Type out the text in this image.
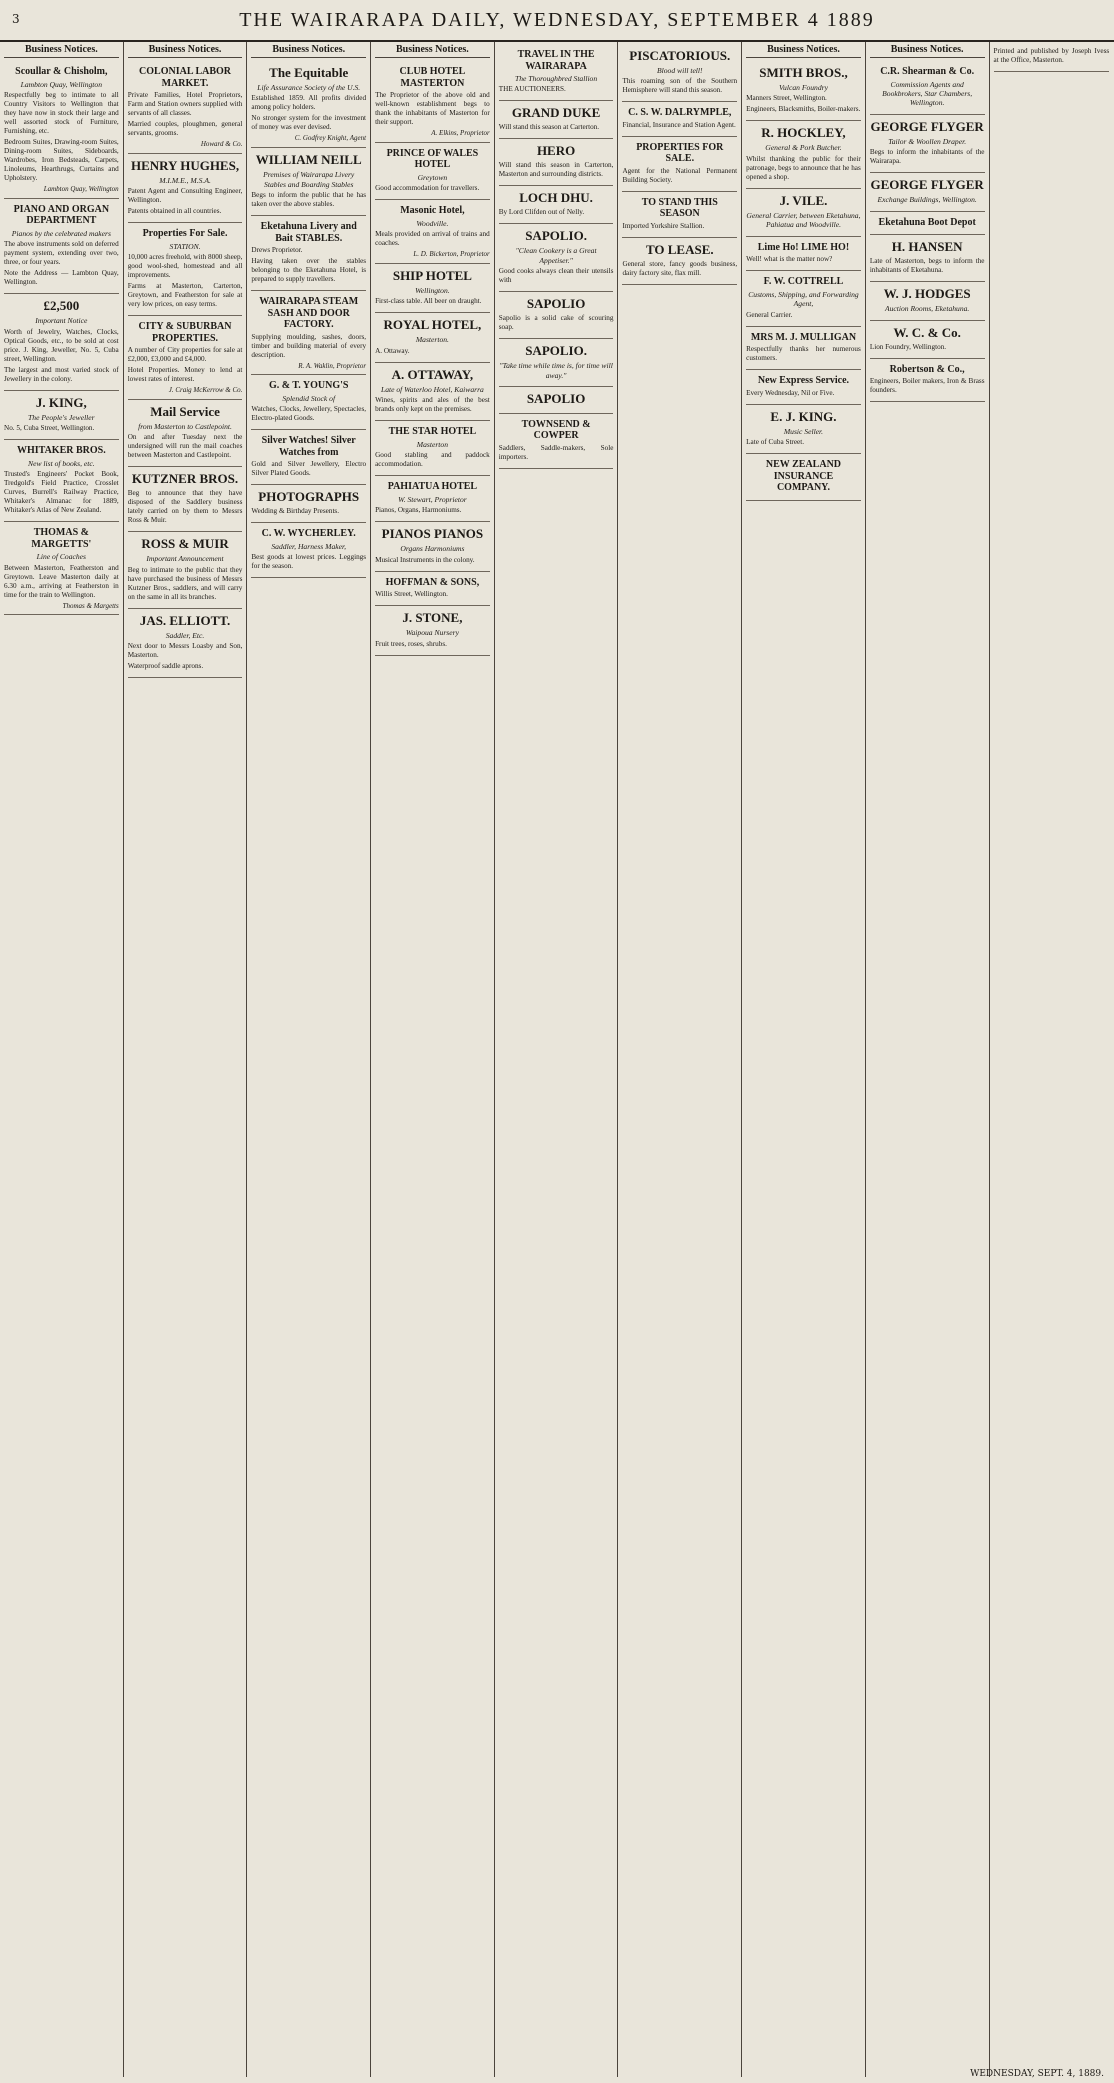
3	THE WAIRARAPA DAILY, WEDNESDAY, SEPTEMBER 4 1889
Business Notices.
Scoullar & Chisholm,
Lambton Quay, Wellington

Respectfully beg to intimate to all Country Visitors to Wellington that they have now in stock their large and well assorted stock of Furniture, Furnishing, etc.

Bedroom Suites, Drawing-room Suites, Dining-room Suites, Sideboards, Wardrobes, Iron Bedsteads, Carpets, Linoleums, Hearthrugs, Curtains and Upholstery.

Lambton Quay, Wellington
PIANO AND ORGAN DEPARTMENT
Pianos by the celebrated makers

The above instruments sold on deferred payment system, extending over two, three, or four years.

Note the Address — Lambton Quay, Wellington.

£2,500
Important Notice

Worth of Jewelry, Watches, Clocks, Optical Goods, etc., to be sold at cost price. J. King, Jeweller, No. 5, Cuba street, Wellington.

The largest and most varied stock of Jewellery in the colony.

J. KING,
The People's Jeweller

No. 5, Cuba Street, Wellington.

WHITAKER BROS.
New list of books, etc.

Trusted's Engineers' Pocket Book, Tredgold's Field Practice, Crosslet Curves, Burrell's Railway Practice, Whitaker's Almanac for 1889, Whitaker's Atlas of New Zealand.

THOMAS & MARGETTS'
Line of Coaches

Between Masterton, Featherston and Greytown. Leave Masterton daily at 6.30 a.m., arriving at Featherston in time for the train to Wellington.

Thomas & Margetts
Business Notices.
COLONIAL LABOR MARKET.

Private Families, Hotel Proprietors, Farm and Station owners supplied with servants of all classes.

Married couples, ploughmen, general servants, grooms.

Howard & Co.
HENRY HUGHES,
M.I.M.E., M.S.A.

Patent Agent and Consulting Engineer, Wellington.

Patents obtained in all countries.

Properties For Sale.
STATION.

10,000 acres freehold, with 8000 sheep, good wool-shed, homestead and all improvements.

Farms at Masterton, Carterton, Greytown, and Featherston for sale at very low prices, on easy terms.

CITY & SUBURBAN PROPERTIES.

A number of City properties for sale at £2,000, £3,000 and £4,000.

Hotel Properties. Money to lend at lowest rates of interest.

J. Craig McKerrow & Co.
Mail Service
from Masterton to Castlepoint.

On and after Tuesday next the undersigned will run the mail coaches between Masterton and Castlepoint.

KUTZNER BROS.

Beg to announce that they have disposed of the Saddlery business lately carried on by them to Messrs Ross & Muir.

ROSS & MUIR
Important Announcement

Beg to intimate to the public that they have purchased the business of Messrs Kutzner Bros., saddlers, and will carry on the same in all its branches.

JAS. ELLIOTT.
Saddler, Etc.

Next door to Messrs Loasby and Son, Masterton.

Waterproof saddle aprons.

Business Notices.
The Equitable
Life Assurance Society of the U.S.

Established 1859. All profits divided among policy holders.

No stronger system for the investment of money was ever devised.

C. Godfrey Knight, Agent
WILLIAM NEILL
Premises of Wairarapa Livery Stables and Boarding Stables

Begs to inform the public that he has taken over the above stables.

Eketahuna Livery and Bait STABLES.

Drews Proprietor.

Having taken over the stables belonging to the Eketahuna Hotel, is prepared to supply travellers.

WAIRARAPA STEAM SASH AND DOOR FACTORY.

Supplying moulding, sashes, doors, timber and building material of every description.

R. A. Waklin, Proprietor
G. & T. YOUNG'S
Splendid Stock of

Watches, Clocks, Jewellery, Spectacles, Electro-plated Goods.

Silver Watches! Silver Watches from

Gold and Silver Jewellery, Electro Silver Plated Goods.

PHOTOGRAPHS

Wedding & Birthday Presents.

C. W. WYCHERLEY.
Saddler, Harness Maker,

Best goods at lowest prices. Leggings for the season.

Business Notices.
CLUB HOTEL MASTERTON

The Proprietor of the above old and well-known establishment begs to thank the inhabitants of Masterton for their support.

A. Elkins, Proprietor
PRINCE OF WALES HOTEL
Greytown

Good accommodation for travellers.

Masonic Hotel,
Woodville.

Meals provided on arrival of trains and coaches.

L. D. Bickerton, Proprietor
SHIP HOTEL
Wellington.

First-class table. All beer on draught.

ROYAL HOTEL,
Masterton.

A. Ottaway.

A. OTTAWAY,
Late of Waterloo Hotel, Kaiwarra

Wines, spirits and ales of the best brands only kept on the premises.

THE STAR HOTEL
Masterton

Good stabling and paddock accommodation.

PAHIATUA HOTEL
W. Stewart, Proprietor

Pianos, Organs, Harmoniums.

PIANOS PIANOS
Organs Harmoniums

Musical Instruments in the colony.

HOFFMAN & SONS,

Willis Street, Wellington.

J. STONE,
Waipoua Nursery

Fruit trees, roses, shrubs.

TRAVEL IN THE WAIRARAPA
The Thoroughbred Stallion

THE AUCTIONEERS.

GRAND DUKE

Will stand this season at Carterton.

HERO

Will stand this season in Carterton, Masterton and surrounding districts.

LOCH DHU.

By Lord Clifden out of Nelly.

SAPOLIO.
"Clean Cookery is a Great Appetiser."

Good cooks always clean their utensils with

SAPOLIO

Sapolio is a solid cake of scouring soap.

SAPOLIO.
"Take time while time is, for time will away."
SAPOLIO
TOWNSEND & COWPER

Saddlers, Saddle-makers, Sole importers.

PISCATORIOUS.
Blood will tell!

This roaming son of the Southern Hemisphere will stand this season.

C. S. W. DALRYMPLE,

Financial, Insurance and Station Agent.

PROPERTIES FOR SALE.

Agent for the National Permanent Building Society.

TO STAND THIS SEASON

Imported Yorkshire Stallion.

TO LEASE.

General store, fancy goods business, dairy factory site, flax mill.

Business Notices.
SMITH BROS.,
Vulcan Foundry

Manners Street, Wellington.

Engineers, Blacksmiths, Boiler-makers.

R. HOCKLEY,
General & Pork Butcher.

Whilst thanking the public for their patronage, begs to announce that he has opened a shop.

J. VILE.
General Carrier, between Eketahuna, Pahiatua and Woodville.
Lime Ho! LIME HO!

Well! what is the matter now?

F. W. COTTRELL
Customs, Shipping, and Forwarding Agent,

General Carrier.

MRS M. J. MULLIGAN

Respectfully thanks her numerous customers.

New Express Service.

Every Wednesday, Nil or Five.

E. J. KING.
Music Seller.

Late of Cuba Street.

NEW ZEALAND INSURANCE COMPANY.
Business Notices.
C.R. Shearman & Co.
Commission Agents and Bookbrokers, Star Chambers, Wellington.
GEORGE FLYGER
Tailor & Woollen Draper.

Begs to inform the inhabitants of the Wairarapa.

GEORGE FLYGER
Exchange Buildings, Wellington.
Eketahuna Boot Depot
H. HANSEN

Late of Masterton, begs to inform the inhabitants of Eketahuna.

W. J. HODGES
Auction Rooms, Eketahuna.
W. C. & Co.

Lion Foundry, Wellington.

Robertson & Co.,

Engineers, Boiler makers, Iron & Brass founders.

Printed and published by Joseph Ivess at the Office, Masterton.

WEDNESDAY, SEPT. 4, 1889.
